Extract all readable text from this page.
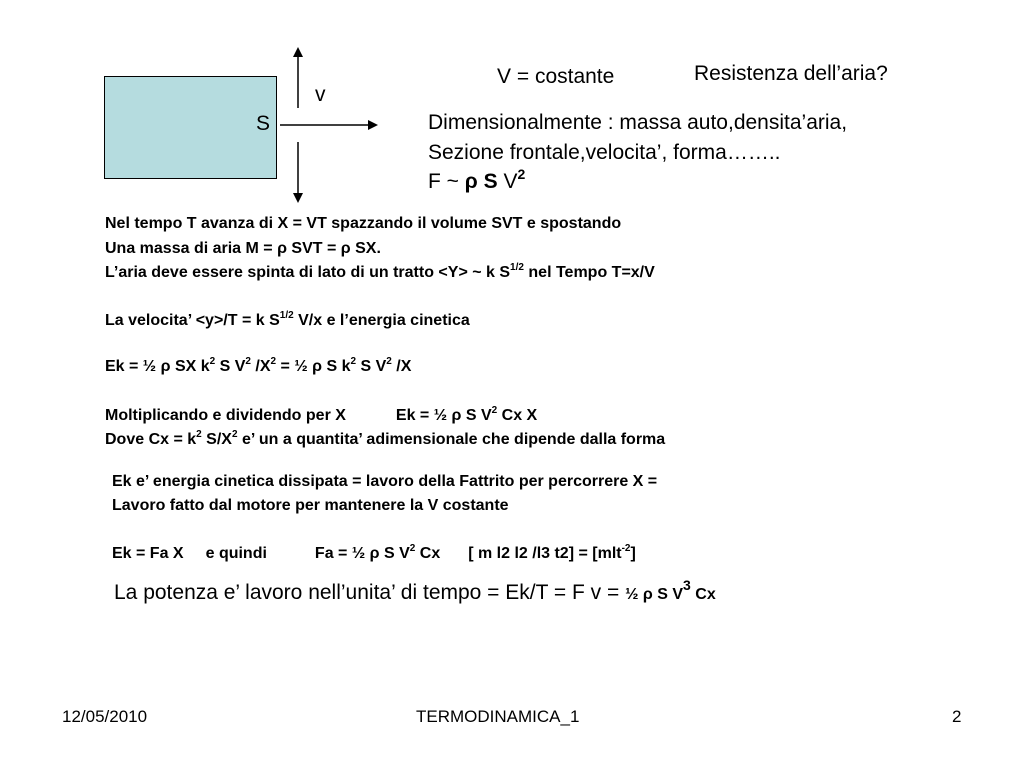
S
v
V = costante	Resistenza dell’aria?
Dimensionalmente : massa auto,densita’aria,
Sezione frontale,velocita’, forma……..
F ~ ρ S $V^2$
Nel tempo T avanza di X = VT spazzando il volume SVT e spostando
Una massa di aria M = ρ SVT = ρ SX.
L’aria deve essere spinta di lato di un tratto <Y> ~ k $S^{1/2}$ nel Tempo T=x/V
La velocita’ <y>/T = k $S^{1/2}$ V/x e l’energia cinetica
Ek = ½ ρ SX $k^2$ S $V^2$ $/X^2$ = ½ ρ S $k^2$ S $V^2$ /X
Moltiplicando e dividendo per X	Ek = ½ ρ S $V^2$ Cx X
Dove $Cx = k^2$ $S/X^2$ e’ un a quantita’ adimensionale che dipende dalla forma
Ek e’ energia cinetica dissipata = lavoro della Fattrito per percorrere X =
Lavoro fatto dal motore per mantenere la V costante
Ek = Fa X e quindi	Fa = ½ ρ S $V^2$ Cx [ m l2 l2 /l3 t2] = [mlt$^{-2}$]
La potenza e’ lavoro nell’unita’ di tempo = Ek/T = F v = ½ ρ S $V^3$ Cx
12/05/2010	TERMODINAMICA_1	2
